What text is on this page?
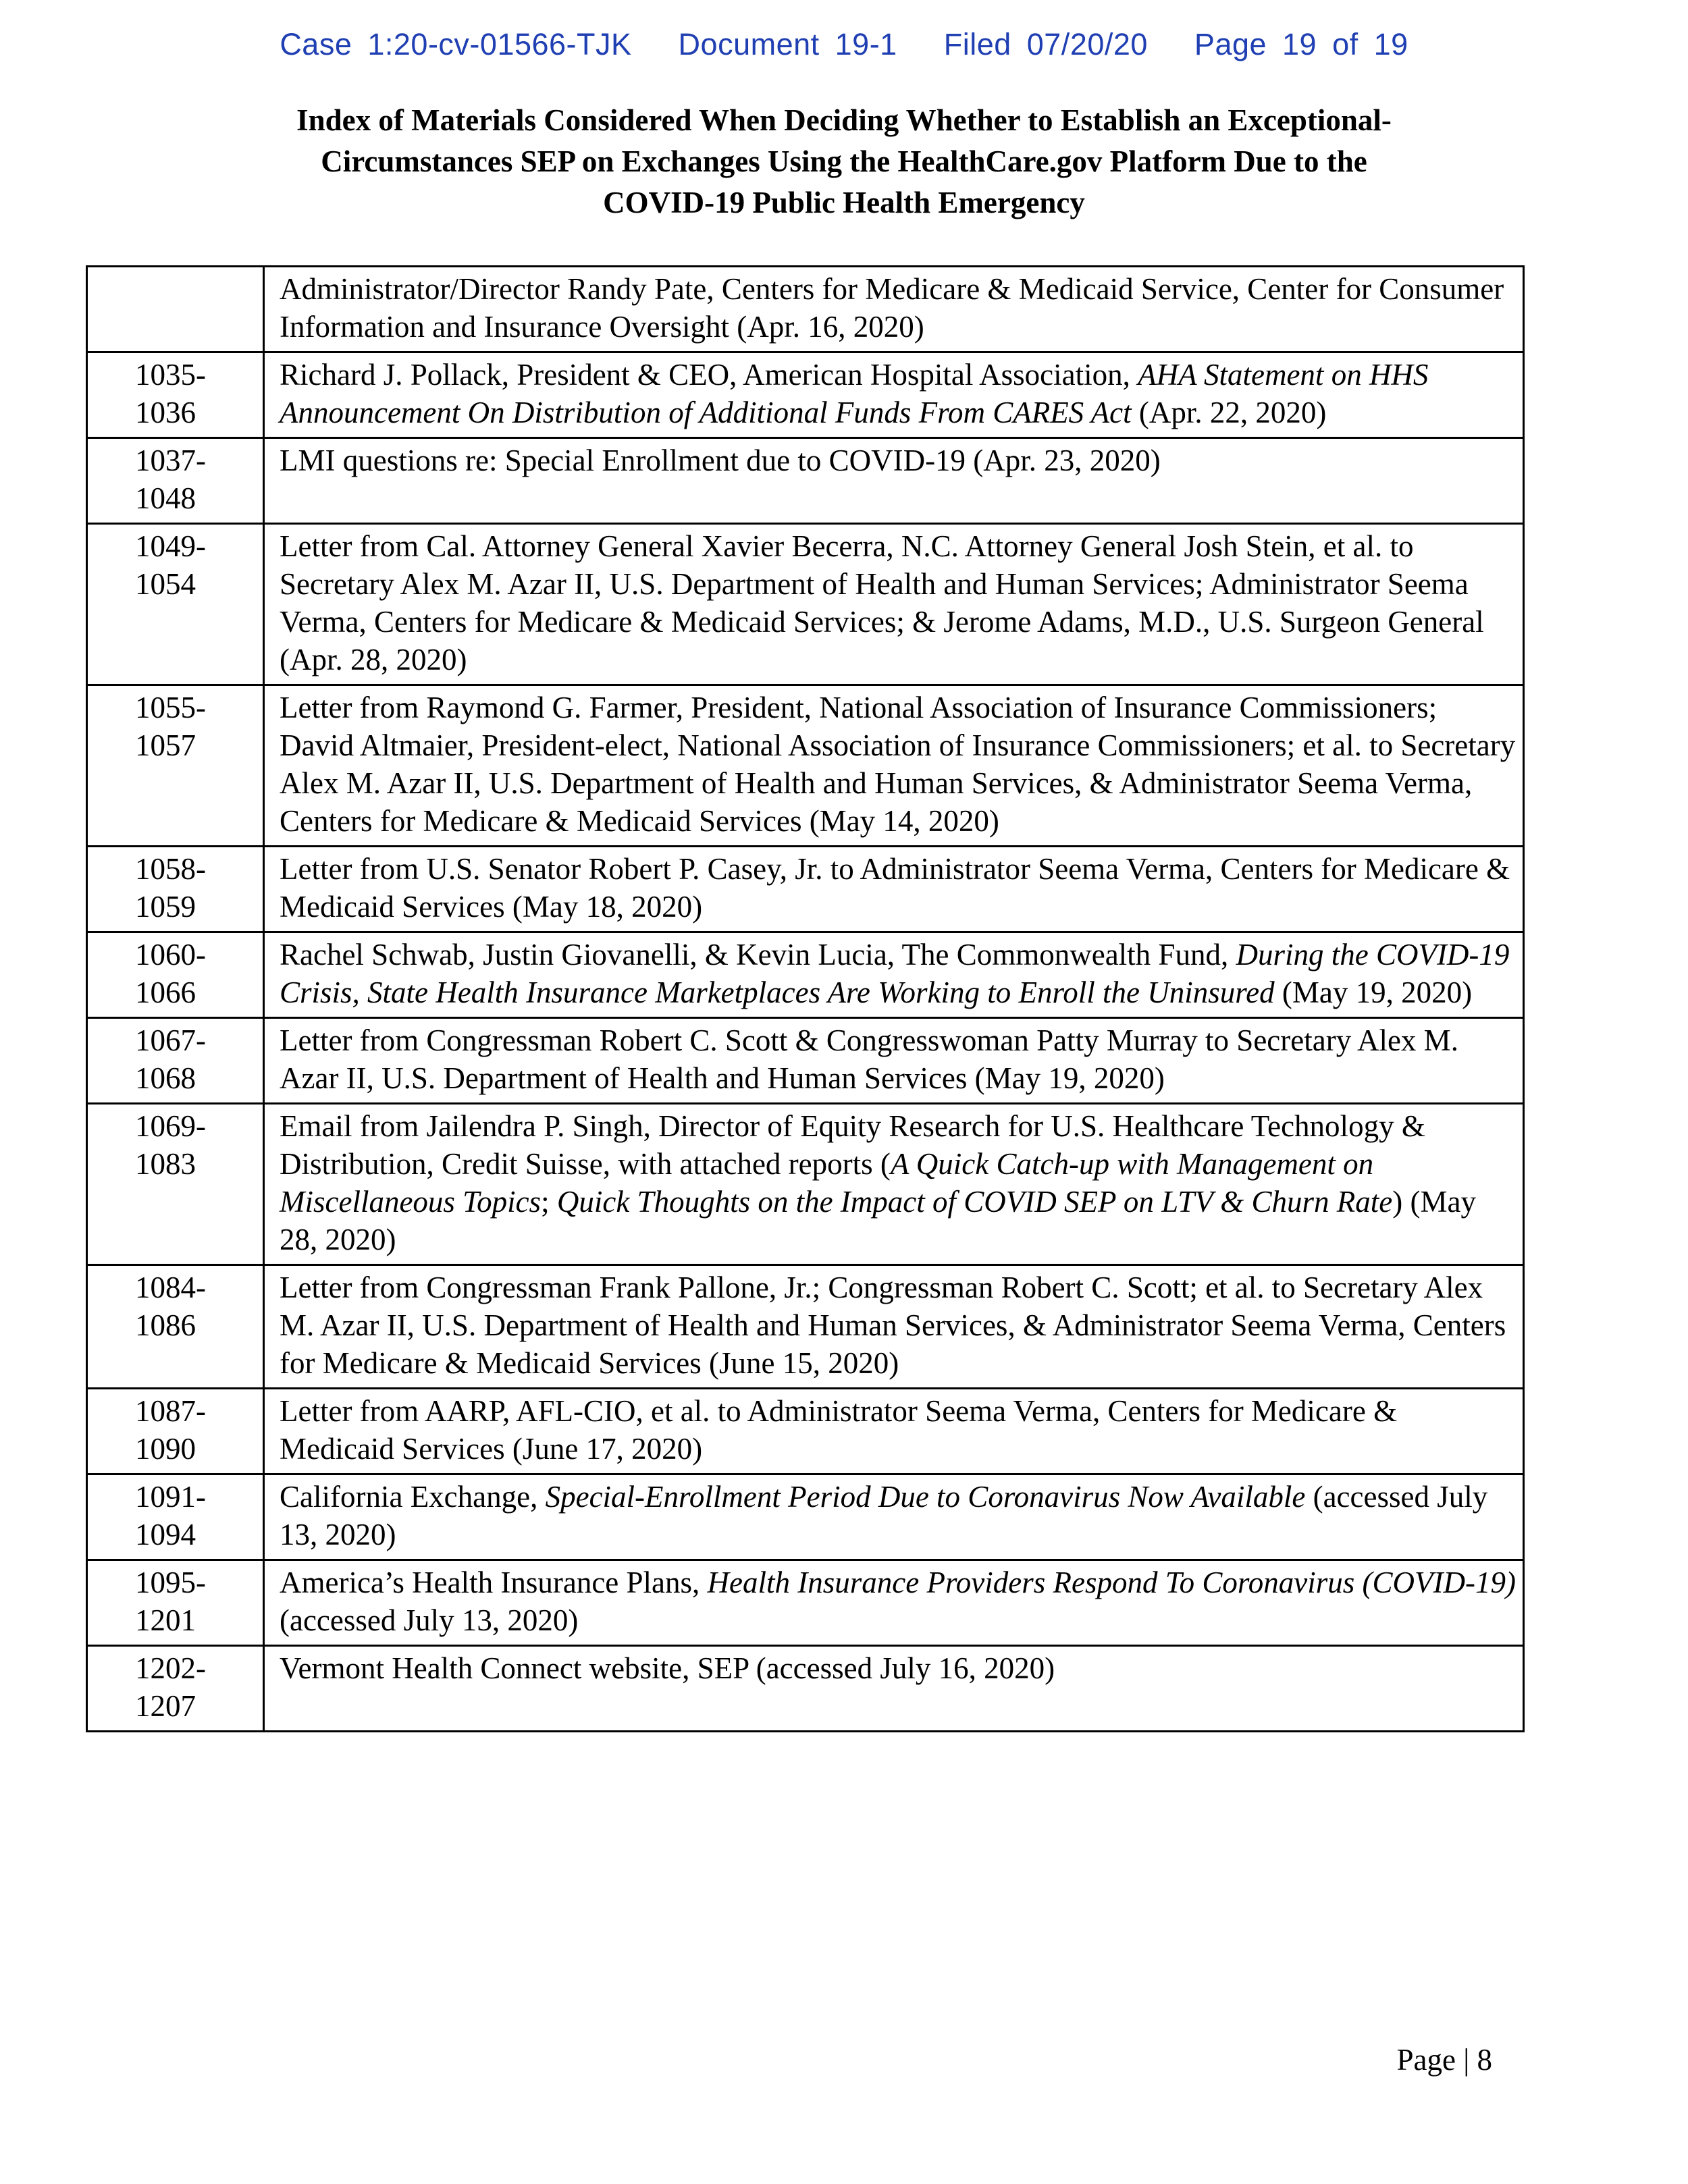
Case 1:20-cv-01566-TJK   Document 19-1   Filed 07/20/20   Page 19 of 19
Index of Materials Considered When Deciding Whether to Establish an Exceptional-
Circumstances SEP on Exchanges Using the HealthCare.gov Platform Due to the
COVID-19 Public Health Emergency
	Administrator/Director Randy Pate, Centers for Medicare & Medicaid Service, Center for Consumer Information and Insurance Oversight (Apr. 16, 2020)

1035-
1036	Richard J. Pollack, President & CEO, American Hospital Association, AHA Statement on HHS Announcement On Distribution of Additional Funds From CARES Act (Apr. 22, 2020)

1037-
1048	LMI questions re: Special Enrollment due to COVID-19 (Apr. 23, 2020)

1049-
1054	Letter from Cal. Attorney General Xavier Becerra, N.C. Attorney General Josh Stein, et al. to Secretary Alex M. Azar II, U.S. Department of Health and Human Services; Administrator Seema Verma, Centers for Medicare & Medicaid Services; & Jerome Adams, M.D., U.S. Surgeon General (Apr. 28, 2020)

1055-
1057	Letter from Raymond G. Farmer, President, National Association of Insurance Commissioners; David Altmaier, President-elect, National Association of Insurance Commissioners; et al. to Secretary Alex M. Azar II, U.S. Department of Health and Human Services, & Administrator Seema Verma, Centers for Medicare & Medicaid Services (May 14, 2020)

1058-
1059	Letter from U.S. Senator Robert P. Casey, Jr. to Administrator Seema Verma, Centers for Medicare & Medicaid Services (May 18, 2020)

1060-
1066	Rachel Schwab, Justin Giovanelli, & Kevin Lucia, The Commonwealth Fund, During the COVID-19 Crisis, State Health Insurance Marketplaces Are Working to Enroll the Uninsured (May 19, 2020)

1067-
1068	Letter from Congressman Robert C. Scott & Congresswoman Patty Murray to Secretary Alex M. Azar II, U.S. Department of Health and Human Services (May 19, 2020)

1069-
1083	Email from Jailendra P. Singh, Director of Equity Research for U.S. Healthcare Technology & Distribution, Credit Suisse, with attached reports (A Quick Catch-up with Management on Miscellaneous Topics; Quick Thoughts on the Impact of COVID SEP on LTV & Churn Rate) (May 28, 2020)

1084-
1086	Letter from Congressman Frank Pallone, Jr.; Congressman Robert C. Scott; et al. to Secretary Alex M. Azar II, U.S. Department of Health and Human Services, & Administrator Seema Verma, Centers for Medicare & Medicaid Services (June 15, 2020)

1087-
1090	Letter from AARP, AFL-CIO, et al. to Administrator Seema Verma, Centers for Medicare & Medicaid Services (June 17, 2020)

1091-
1094	California Exchange, Special-Enrollment Period Due to Coronavirus Now Available (accessed July 13, 2020)

1095-
1201	America’s Health Insurance Plans, Health Insurance Providers Respond To Coronavirus (COVID-19) (accessed July 13, 2020)

1202-
1207	Vermont Health Connect website, SEP (accessed July 16, 2020)
Page | 8
